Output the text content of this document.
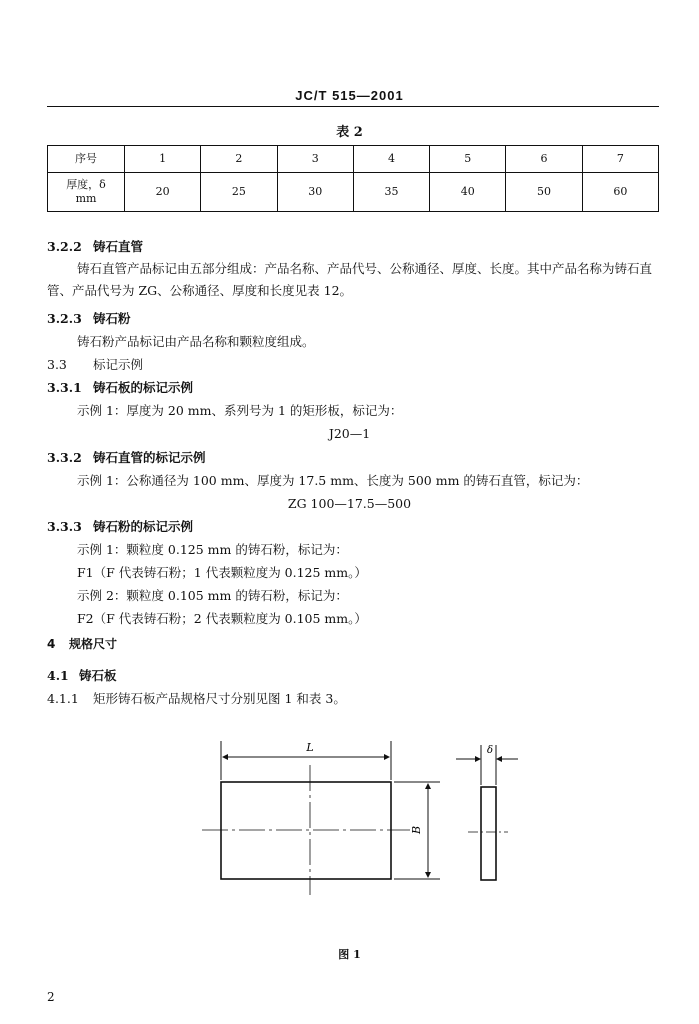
JC/T 515—2001
表 2
序号	1	2	3	4	5	6	7
厚度，δ
mm	20	25	30	35	40	50	60
3.2.2 铸石直管
铸石直管产品标记由五部分组成：产品名称、产品代号、公称通径、厚度、长度。其中产品名称为铸石直管、产品代号为 ZG、公称通径、厚度和长度见表 12。
3.2.3 铸石粉
铸石粉产品标记由产品名称和颗粒度组成。
3.3 标记示例
3.3.1 铸石板的标记示例
示例 1：厚度为 20 mm、系列号为 1 的矩形板，标记为：
J20—1
3.3.2 铸石直管的标记示例
示例 1：公称通径为 100 mm、厚度为 17.5 mm、长度为 500 mm 的铸石直管，标记为：
ZG 100—17.5—500
3.3.3 铸石粉的标记示例
示例 1：颗粒度 0.125 mm 的铸石粉，标记为：
F1（F 代表铸石粉；1 代表颗粒度为 0.125 mm。）
示例 2：颗粒度 0.105 mm 的铸石粉，标记为：
F2（F 代表铸石粉；2 代表颗粒度为 0.105 mm。）
4 规格尺寸
4.1 铸石板
4.1.1 矩形铸石板产品规格尺寸分别见图 1 和表 3。
L
B
δ
图 1
2
